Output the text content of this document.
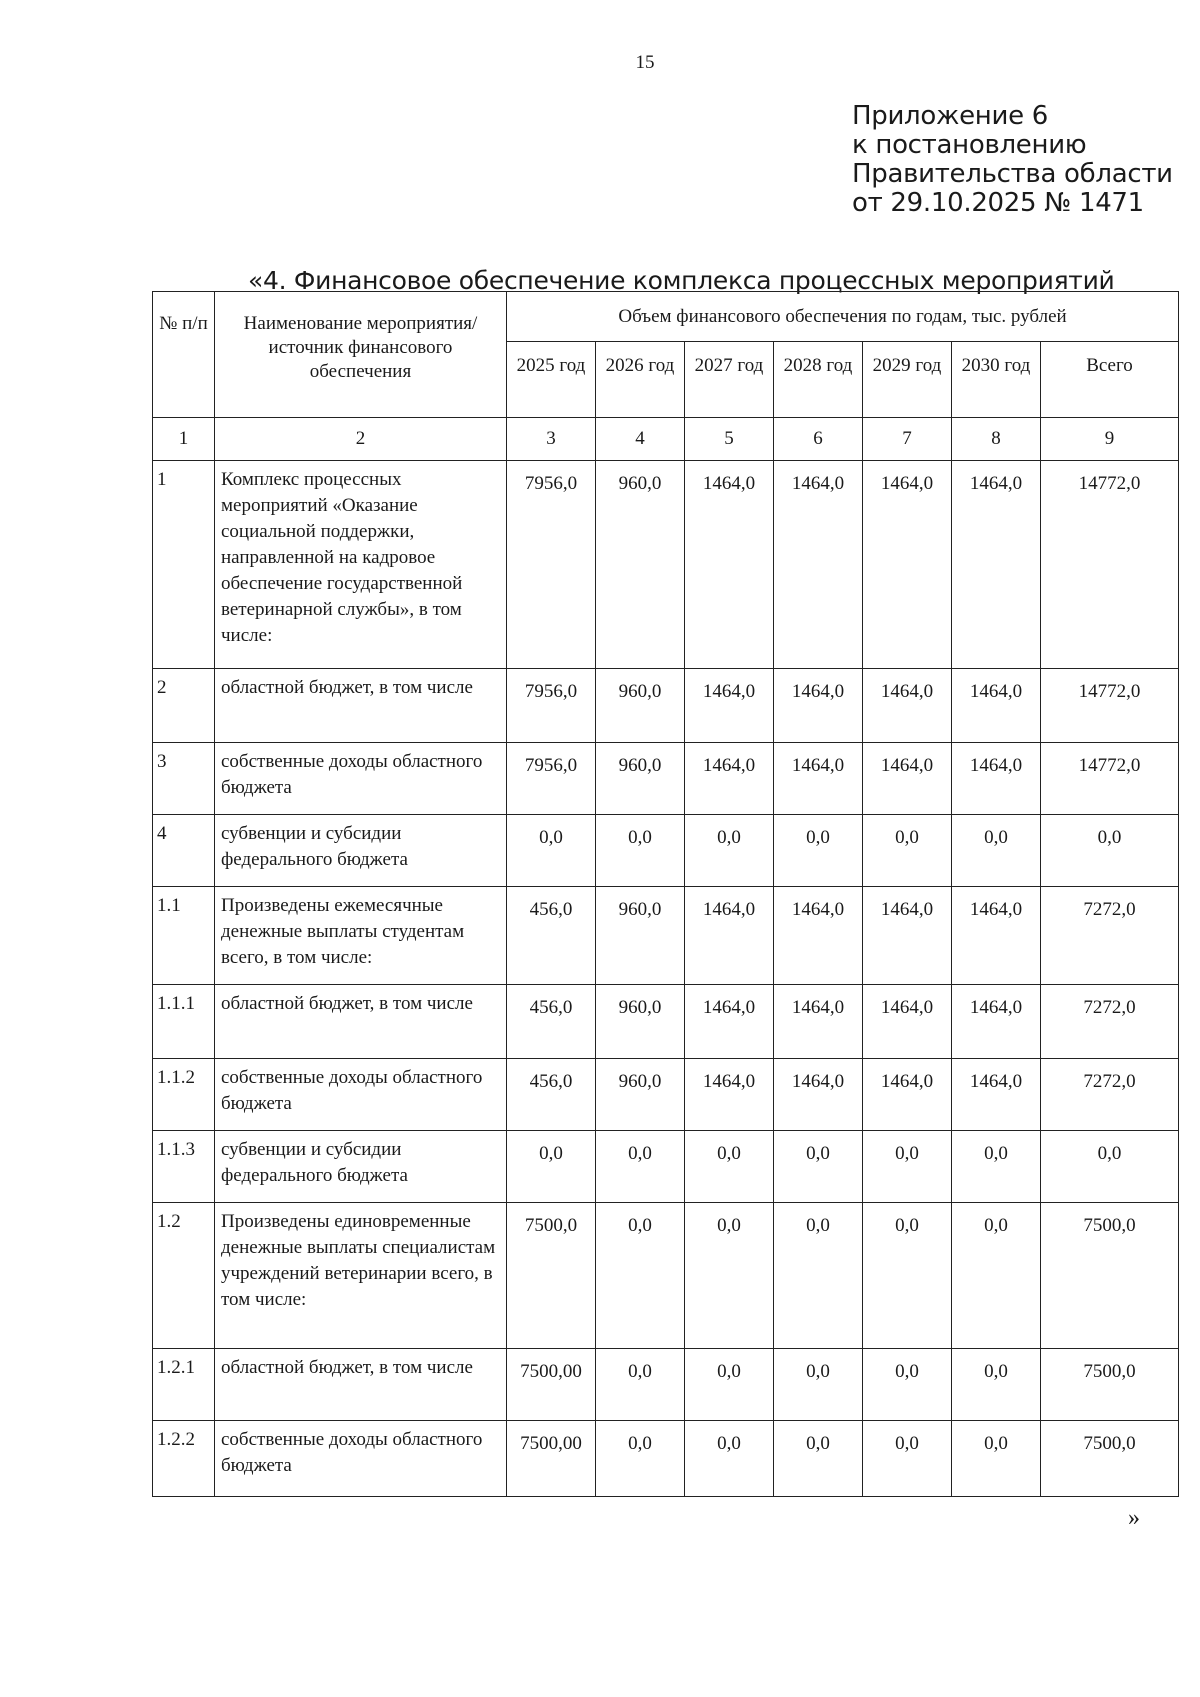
15
Приложение 6
к постановлению
Правительства области
от 29.10.2025 № 1471
«4. Финансовое обеспечение комплекса процессных мероприятий
№ п/п	Наименование мероприятия/источник финансового обеспечения	Объем финансового обеспечения по годам, тыс. рублей						
		2025 год	2026 год	2027 год	2028 год	2029 год	2030 год	Всего
1	2	3	4	5	6	7	8	9
1	Комплекс процессных мероприятий «Оказание социальной поддержки, направленной на кадровое обеспечение государственной ветеринарной службы», в том числе:	7956,0	960,0	1464,0	1464,0	1464,0	1464,0	14772,0
2	областной бюджет, в том числе	7956,0	960,0	1464,0	1464,0	1464,0	1464,0	14772,0
3	собственные доходы областного бюджета	7956,0	960,0	1464,0	1464,0	1464,0	1464,0	14772,0
4	субвенции и субсидии федерального бюджета	0,0	0,0	0,0	0,0	0,0	0,0	0,0
1.1	Произведены ежемесячные денежные выплаты студентам всего, в том числе:	456,0	960,0	1464,0	1464,0	1464,0	1464,0	7272,0
1.1.1	областной бюджет, в том числе	456,0	960,0	1464,0	1464,0	1464,0	1464,0	7272,0
1.1.2	собственные доходы областного бюджета	456,0	960,0	1464,0	1464,0	1464,0	1464,0	7272,0
1.1.3	субвенции и субсидии федерального бюджета	0,0	0,0	0,0	0,0	0,0	0,0	0,0
1.2	Произведены единовременные денежные выплаты специалистам учреждений ветеринарии всего, в том числе:	7500,0	0,0	0,0	0,0	0,0	0,0	7500,0
1.2.1	областной бюджет, в том числе	7500,00	0,0	0,0	0,0	0,0	0,0	7500,0
1.2.2	собственные доходы областного бюджета	7500,00	0,0	0,0	0,0	0,0	0,0	7500,0
»
